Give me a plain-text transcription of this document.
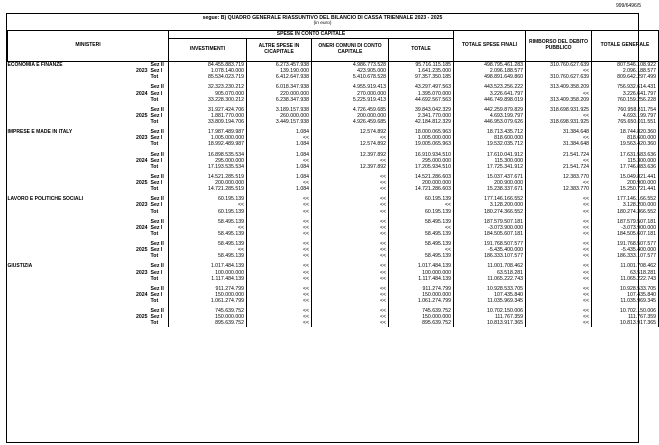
999/6496/5
segue: B) QUADRO GENERALE RIASSUNTIVO DEL BILANCIO DI CASSA TRIENNALE 2023 - 2025
(in euro)
MINISTERI			SPESE IN CONTO CAPITALE				TOTALE SPESE FINALI	RIMBORSO DEL DEBITO PUBBLICO	TOTALE GENERALE
			INVESTIMENTI	ALTRE SPESE IN C/CAPITALE	ONERI COMUNI DI CONTO CAPITALE	TOTALE			
ECONOMIA E FINANZE		Sez II	84.455.883.719	6.273.457.938	4.986.773.528	95.716.115.185	498.795.461.283	310.760.627.639	807.546.108.922
	2023	Sez I	1.078.140.000	139.190.000	423.905.000	1.641.235.000	2.096.188.577	<<	2.096.188.577
		Tot	85.534.023.719	6.412.647.938	5.410.678.528	97.357.350.185	498.891.649.860	310.760.627.639	809.642.297.499

		Sez II	32.323.230.212	6.018.347.938	4.955.919.413	43.297.497.563	443.523.256.222	313.409.358.209	756.932.614.431
	2024	Sez I	905.070.000	220.000.000	270.000.000	1.395.070.000	3.226.641.797	<<	3.226.641.797
		Tot	33.228.300.212	6.238.347.938	5.225.919.413	44.692.567.563	446.749.898.019	313.409.358.209	760.159.256.228

		Sez II	31.927.424.706	3.189.157.938	4.726.459.685	39.843.042.329	442.259.879.829	318.698.931.925	760.958.811.754
	2025	Sez I	1.881.770.000	260.000.000	200.000.000	2.341.770.000	4.693.199.797	<<	4.693.199.797
		Tot	33.809.194.706	3.449.157.938	4.926.459.685	42.184.812.329	446.953.079.626	318.698.931.925	765.650.011.551

IMPRESE E MADE IN ITALY		Sez II	17.987.489.987	1.084	12.574.892	18.000.065.963	18.713.435.712	31.384.648	18.744.820.360
	2023	Sez I	1.005.000.000	<<	<<	1.005.000.000	818.600.000	<<	818.600.000
		Tot	18.992.489.987	1.084	12.574.892	19.005.065.963	19.532.035.712	31.384.648	19.563.420.360

		Sez II	16.898.535.534	1.084	12.397.892	16.910.934.510	17.610.041.912	21.541.724	17.631.583.636
	2024	Sez I	295.000.000	<<	<<	295.000.000	115.300.000	<<	115.300.000
		Tot	17.193.535.534	1.084	12.397.892	17.205.934.510	17.725.341.912	21.541.724	17.746.883.636

		Sez II	14.521.285.519	1.084	<<	14.521.286.603	15.037.437.671	12.383.770	15.049.821.441
	2025	Sez I	200.000.000	<<	<<	200.000.000	200.900.000	<<	200.900.000
		Tot	14.721.285.519	1.084	<<	14.721.286.603	15.238.337.671	12.383.770	15.250.721.441

LAVORO E POLITICHE SOCIALI		Sez II	60.195.139	<<	<<	60.195.139	177.146.166.552	<<	177.146.166.552
	2023	Sez I	<<	<<	<<	<<	3.128.200.000	<<	3.128.200.000
		Tot	60.195.139	<<	<<	60.195.139	180.274.366.552	<<	180.274.366.552

		Sez II	58.495.139	<<	<<	58.495.139	187.579.507.181	<<	187.579.507.181
	2024	Sez I	<<	<<	<<	<<	-3.073.900.000	<<	-3.073.900.000
		Tot	58.495.139	<<	<<	58.495.139	184.505.607.181	<<	184.505.607.181

		Sez II	58.495.139	<<	<<	58.495.139	191.768.507.577	<<	191.768.507.577
	2025	Sez I	<<	<<	<<	<<	-5.435.400.000	<<	-5.435.400.000
		Tot	58.495.139	<<	<<	58.495.139	186.333.107.577	<<	186.333.107.577

GIUSTIZIA		Sez II	1.017.484.139	<<	<<	1.017.484.139	11.001.708.462	<<	11.001.708.462
	2023	Sez I	100.000.000	<<	<<	100.000.000	63.518.281	<<	63.518.281
		Tot	1.117.484.139	<<	<<	1.117.484.139	11.065.222.743	<<	11.065.222.743

		Sez II	911.274.799	<<	<<	911.274.799	10.928.533.705	<<	10.928.533.705
	2024	Sez I	150.000.000	<<	<<	150.000.000	107.435.840	<<	107.435.840
		Tot	1.061.274.799	<<	<<	1.061.274.799	11.035.969.345	<<	11.035.969.345

		Sez II	745.639.752	<<	<<	745.639.752	10.702.150.006	<<	10.702.150.006
	2025	Sez I	150.000.000	<<	<<	150.000.000	111.767.359	<<	111.767.359
		Tot	895.639.752	<<	<<	895.639.752	10.813.917.365	<<	10.813.917.365
